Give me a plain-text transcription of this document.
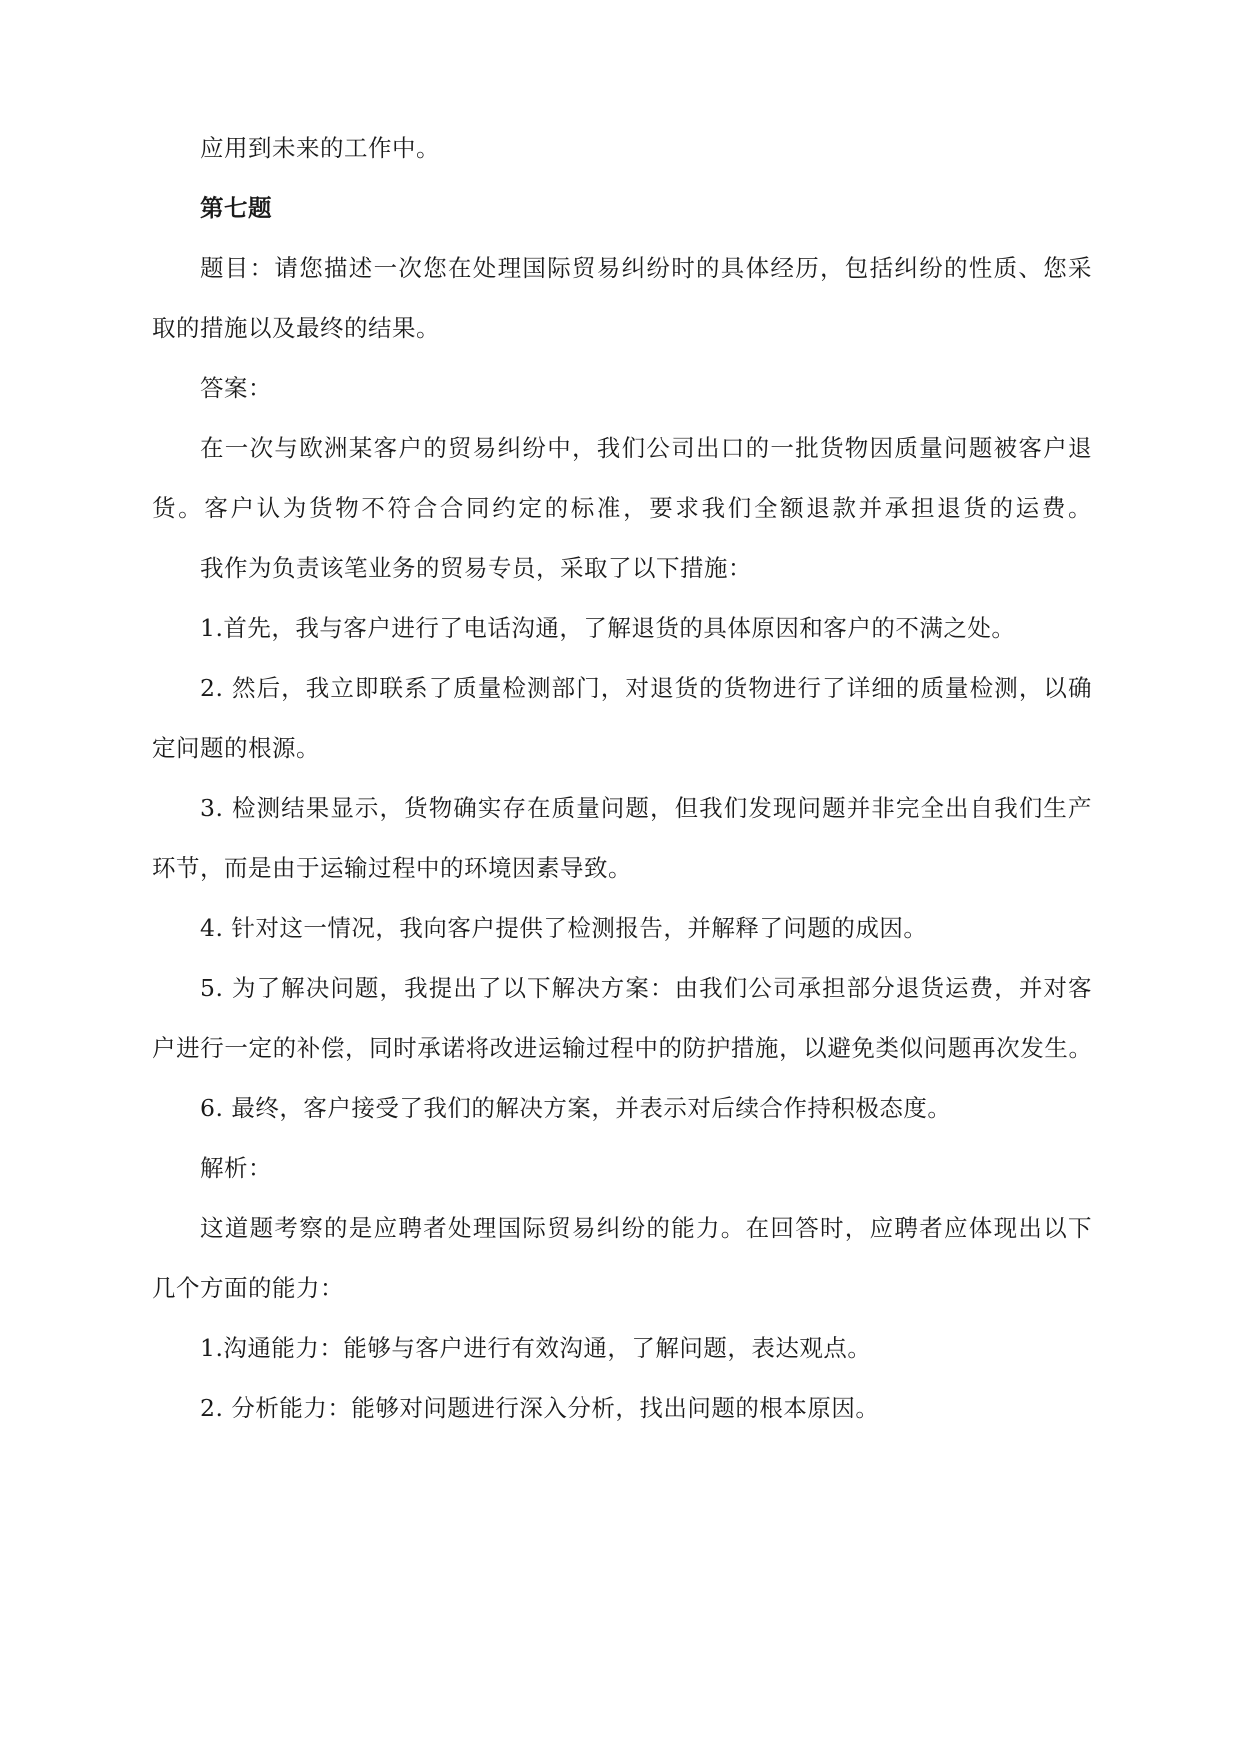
应用到未来的工作中。
第七题
题目：请您描述一次您在处理国际贸易纠纷时的具体经历，包括纠纷的性质、您采
取的措施以及最终的结果。
答案：
在一次与欧洲某客户的贸易纠纷中，我们公司出口的一批货物因质量问题被客户退
货。客户认为货物不符合合同约定的标准，要求我们全额退款并承担退货的运费。
我作为负责该笔业务的贸易专员，采取了以下措施：
1.首先，我与客户进行了电话沟通，了解退货的具体原因和客户的不满之处。
2. 然后，我立即联系了质量检测部门，对退货的货物进行了详细的质量检测，以确
定问题的根源。
3. 检测结果显示，货物确实存在质量问题，但我们发现问题并非完全出自我们生产
环节，而是由于运输过程中的环境因素导致。
4. 针对这一情况，我向客户提供了检测报告，并解释了问题的成因。
5. 为了解决问题，我提出了以下解决方案：由我们公司承担部分退货运费，并对客
户进行一定的补偿，同时承诺将改进运输过程中的防护措施，以避免类似问题再次发生。
6. 最终，客户接受了我们的解决方案，并表示对后续合作持积极态度。
解析：
这道题考察的是应聘者处理国际贸易纠纷的能力。在回答时，应聘者应体现出以下
几个方面的能力：
1.沟通能力：能够与客户进行有效沟通，了解问题，表达观点。
2. 分析能力：能够对问题进行深入分析，找出问题的根本原因。
